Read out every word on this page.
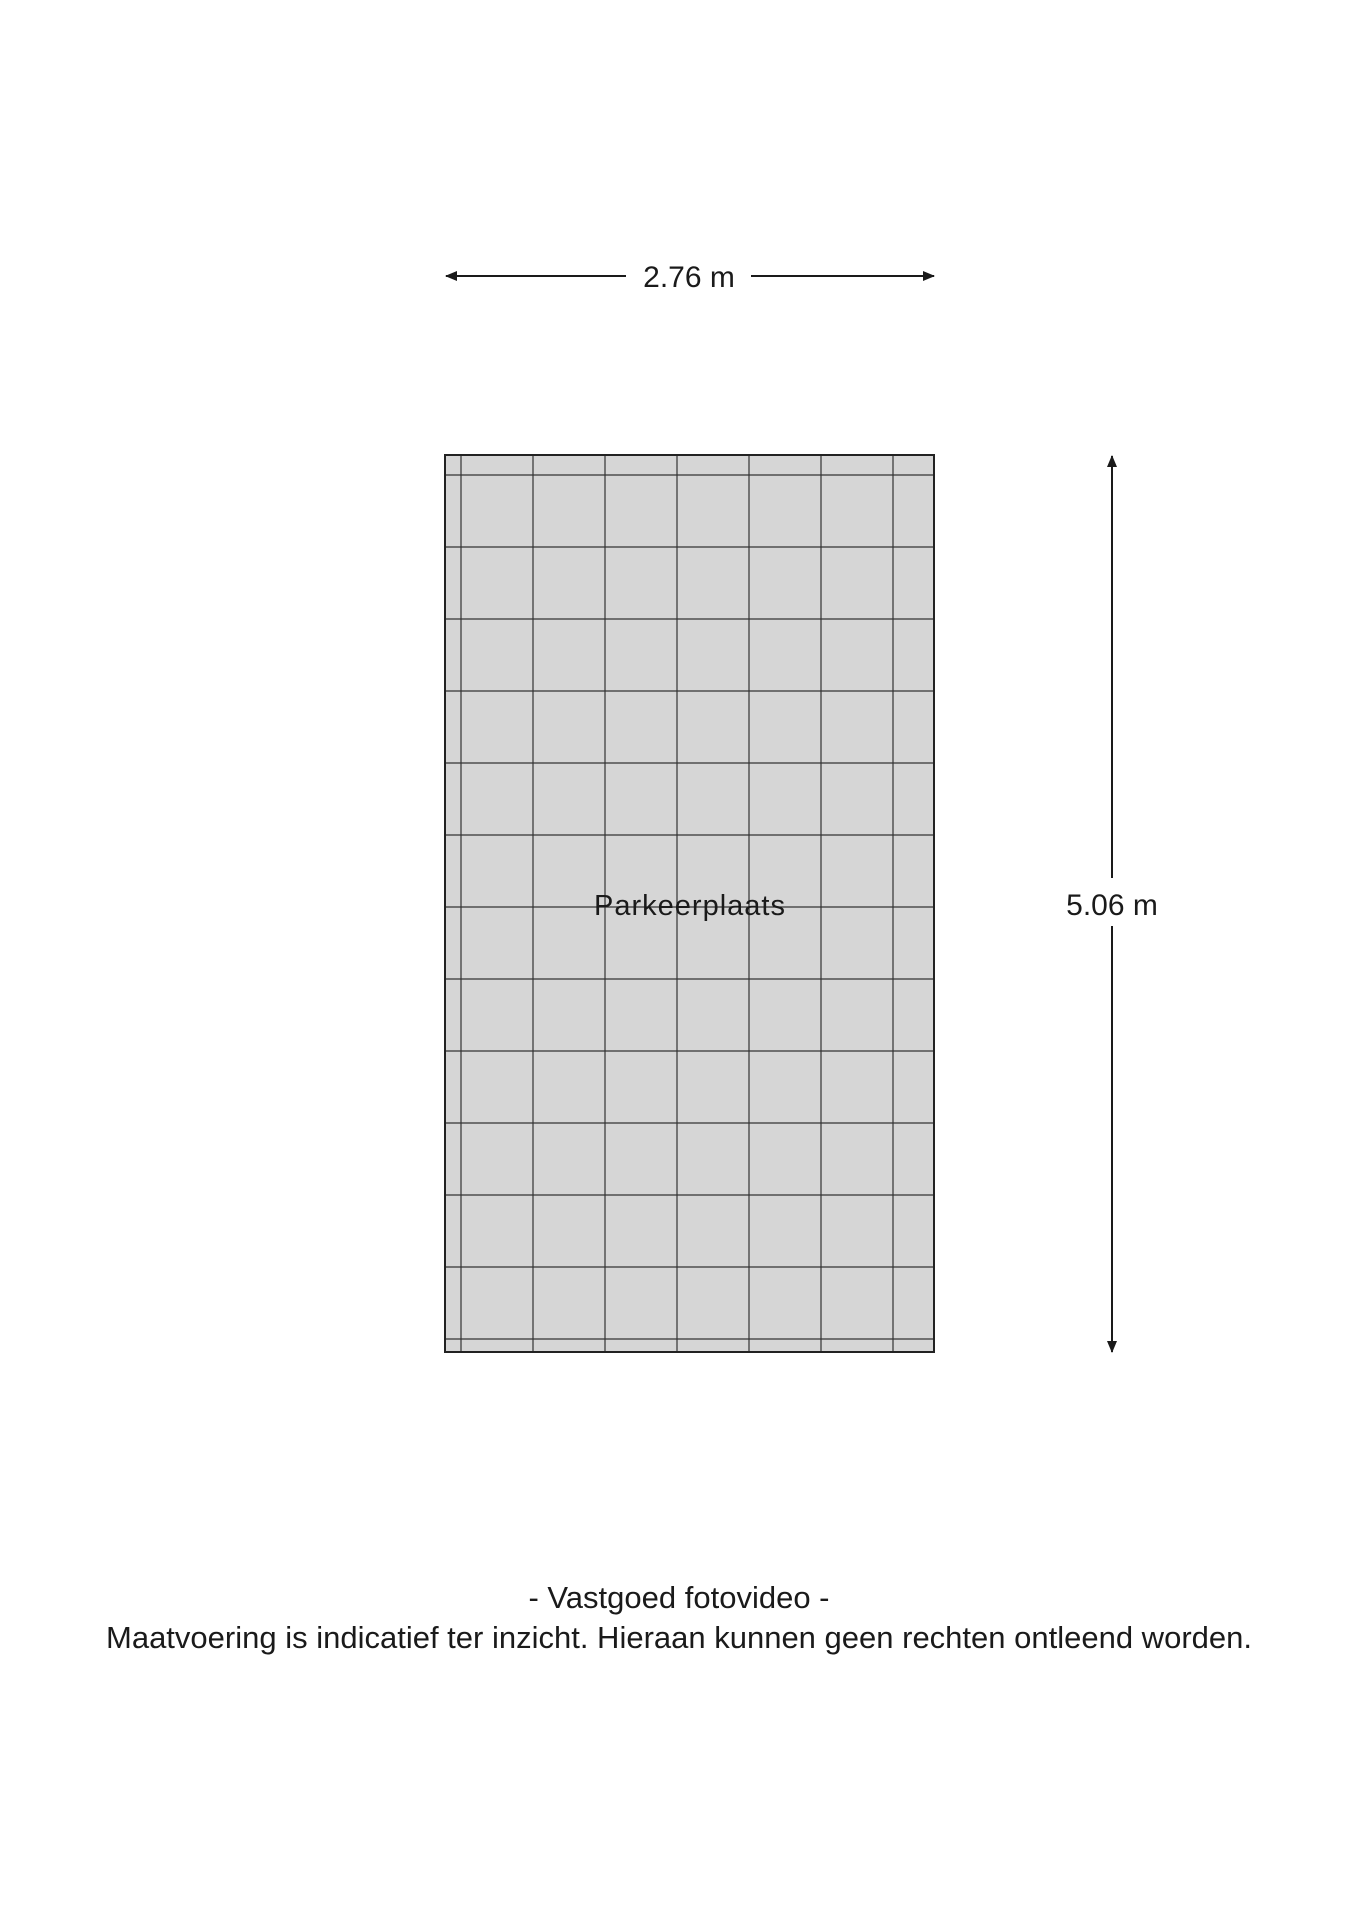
2.76 m
Parkeerplaats	5.06 m
- Vastgoed fotovideo -
Maatvoering is indicatief ter inzicht. Hieraan kunnen geen rechten ontleend worden.
